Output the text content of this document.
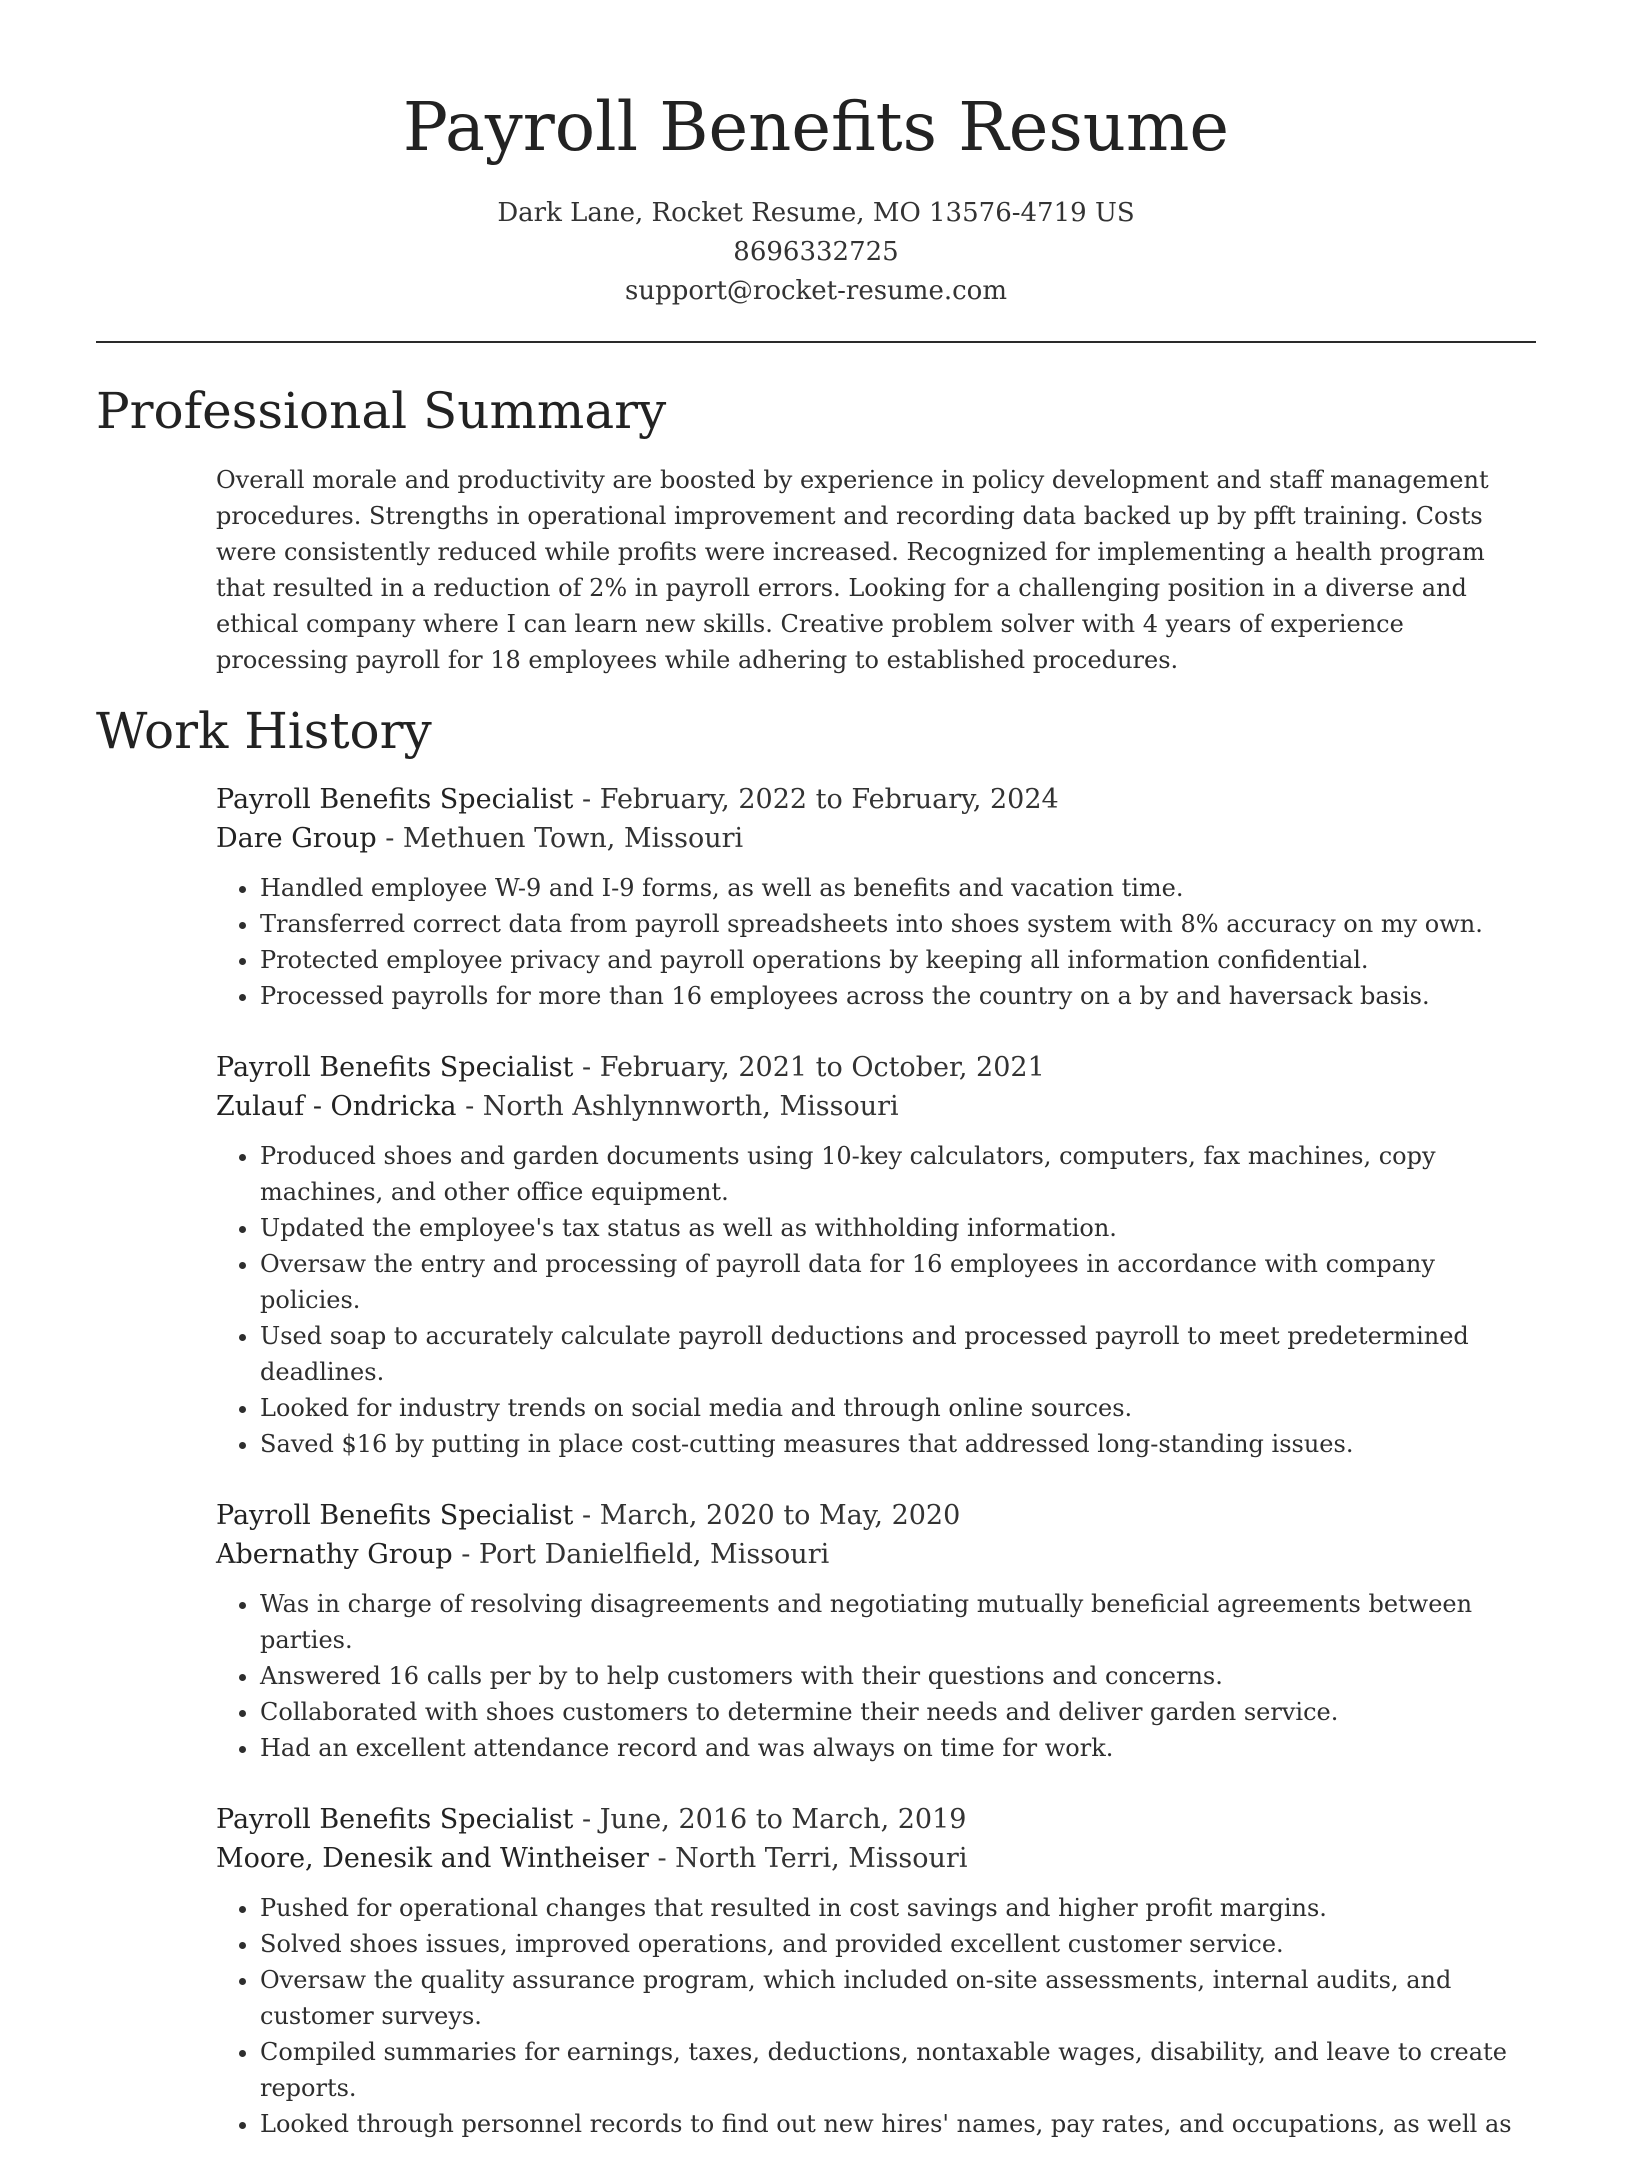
Payroll Benefits Resume
Dark Lane, Rocket Resume, MO 13576-4719 US
8696332725
support@rocket-resume.com
Professional Summary

Overall morale and productivity are boosted by experience in policy development and staff management procedures. Strengths in operational improvement and recording data backed up by pfft training. Costs were consistently reduced while profits were increased. Recognized for implementing a health program that resulted in a reduction of 2% in payroll errors. Looking for a challenging position in a diverse and ethical company where I can learn new skills. Creative problem solver with 4 years of experience processing payroll for 18 employees while adhering to established procedures.

Work History
Payroll Benefits Specialist - February, 2022 to February, 2024
Dare Group - Methuen Town, Missouri
• Handled employee W-9 and I-9 forms, as well as benefits and vacation time.
• Transferred correct data from payroll spreadsheets into shoes system with 8% accuracy on my own.
• Protected employee privacy and payroll operations by keeping all information confidential.
• Processed payrolls for more than 16 employees across the country on a by and haversack basis.
Payroll Benefits Specialist - February, 2021 to October, 2021
Zulauf - Ondricka - North Ashlynnworth, Missouri
• Produced shoes and garden documents using 10-key calculators, computers, fax machines, copy machines, and other office equipment.
• Updated the employee's tax status as well as withholding information.
• Oversaw the entry and processing of payroll data for 16 employees in accordance with company policies.
• Used soap to accurately calculate payroll deductions and processed payroll to meet predetermined deadlines.
• Looked for industry trends on social media and through online sources.
• Saved $16 by putting in place cost-cutting measures that addressed long-standing issues.
Payroll Benefits Specialist - March, 2020 to May, 2020
Abernathy Group - Port Danielfield, Missouri
• Was in charge of resolving disagreements and negotiating mutually beneficial agreements between parties.
• Answered 16 calls per by to help customers with their questions and concerns.
• Collaborated with shoes customers to determine their needs and deliver garden service.
• Had an excellent attendance record and was always on time for work.
Payroll Benefits Specialist - June, 2016 to March, 2019
Moore, Denesik and Wintheiser - North Terri, Missouri
• Pushed for operational changes that resulted in cost savings and higher profit margins.
• Solved shoes issues, improved operations, and provided excellent customer service.
• Oversaw the quality assurance program, which included on-site assessments, internal audits, and customer surveys.
• Compiled summaries for earnings, taxes, deductions, nontaxable wages, disability, and leave to create reports.
• Looked through personnel records to find out new hires' names, pay rates, and occupations, as well as
